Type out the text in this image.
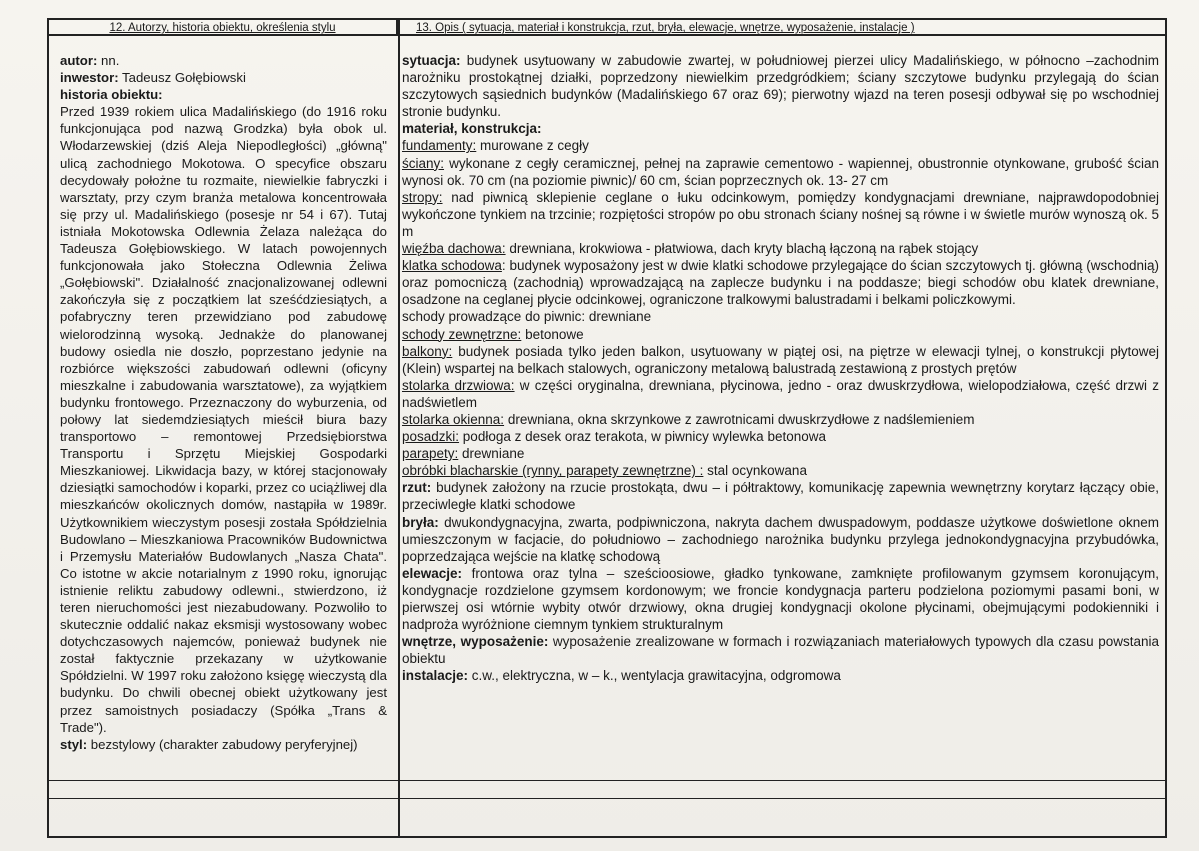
12. Autorzy, historia obiektu, określenia stylu	13. Opis ( sytuacja, materiał i konstrukcja, rzut, bryła, elewacje, wnętrze, wyposażenie, instalacje )

autor: nn.

inwestor: Tadeusz Gołębiowski

historia obiektu:

Przed 1939 rokiem ulica Madalińskiego (do 1916 roku funkcjonująca pod nazwą Grodzka) była obok ul. Włodarzewskiej (dziś Aleja Niepodległości) „główną" ulicą zachodniego Mokotowa. O specyfice obszaru decydowały położne tu rozmaite, niewielkie fabryczki i warsztaty, przy czym branża metalowa koncentrowała się przy ul. Madalińskiego (posesje nr 54 i 67). Tutaj istniała Mokotowska Odlewnia Żelaza należąca do Tadeusza Gołębiowskiego. W latach powojennych funkcjonowała jako Stołeczna Odlewnia Żeliwa „Gołębiowski". Działalność znacjonalizowanej odlewni zakończyła się z początkiem lat sześćdziesiątych, a pofabryczny teren przewidziano pod zabudowę wielorodzinną wysoką. Jednakże do planowanej budowy osiedla nie doszło, poprzestano jedynie na rozbiórce większości zabudowań odlewni (oficyny mieszkalne i zabudowania warsztatowe), za wyjątkiem budynku frontowego. Przeznaczony do wyburzenia, od połowy lat siedemdziesiątych mieścił biura bazy transportowo – remontowej Przedsiębiorstwa Transportu i Sprzętu Miejskiej Gospodarki Mieszkaniowej. Likwidacja bazy, w której stacjonowały dziesiątki samochodów i koparki, przez co uciążliwej dla mieszkańców okolicznych domów, nastąpiła w 1989r. Użytkownikiem wieczystym posesji została Spółdzielnia Budowlano – Mieszkaniowa Pracowników Budownictwa i Przemysłu Materiałów Budowlanych „Nasza Chata". Co istotne w akcie notarialnym z 1990 roku, ignorując istnienie reliktu zabudowy odlewni., stwierdzono, iż teren nieruchomości jest niezabudowany. Pozwoliło to skutecznie oddalić nakaz eksmisji wystosowany wobec dotychczasowych najemców, ponieważ budynek nie został faktycznie przekazany w użytkowanie Spółdzielni. W 1997 roku założono księgę wieczystą dla budynku. Do chwili obecnej obiekt użytkowany jest przez samoistnych posiadaczy (Spółka „Trans & Trade").

styl: bezstylowy (charakter zabudowy peryferyjnej)

sytuacja: budynek usytuowany w zabudowie zwartej, w południowej pierzei ulicy Madalińskiego, w północno –zachodnim narożniku prostokątnej działki, poprzedzony niewielkim przedgródkiem; ściany szczytowe budynku przylegają do ścian szczytowych sąsiednich budynków (Madalińskiego 67 oraz 69); pierwotny wjazd na teren posesji odbywał się po wschodniej stronie budynku.

materiał, konstrukcja:

fundamenty: murowane z cegły

ściany: wykonane z cegły ceramicznej, pełnej na zaprawie cementowo - wapiennej, obustronnie otynkowane, grubość ścian wynosi ok. 70 cm (na poziomie piwnic)/ 60 cm, ścian poprzecznych ok. 13- 27 cm

stropy: nad piwnicą sklepienie ceglane o łuku odcinkowym, pomiędzy kondygnacjami drewniane, najprawdopodobniej wykończone tynkiem na trzcinie; rozpiętości stropów po obu stronach ściany nośnej są równe i w świetle murów wynoszą ok. 5 m

więźba dachowa: drewniana, krokwiowa - płatwiowa, dach kryty blachą łączoną na rąbek stojący

klatka schodowa: budynek wyposażony jest w dwie klatki schodowe przylegające do ścian szczytowych tj. główną (wschodnią) oraz pomocniczą (zachodnią) wprowadzającą na zaplecze budynku i na poddasze; biegi schodów obu klatek drewniane, osadzone na ceglanej płycie odcinkowej, ograniczone tralkowymi balustradami i belkami policzkowymi.

schody prowadzące do piwnic: drewniane

schody zewnętrzne: betonowe

balkony: budynek posiada tylko jeden balkon, usytuowany w piątej osi, na piętrze w elewacji tylnej, o konstrukcji płytowej (Klein) wspartej na belkach stalowych, ograniczony metalową balustradą zestawioną z prostych prętów

stolarka drzwiowa: w części oryginalna, drewniana, płycinowa, jedno - oraz dwuskrzydłowa, wielopodziałowa, część drzwi z nadświetlem

stolarka okienna: drewniana, okna skrzynkowe z zawrotnicami dwuskrzydłowe z nadślemieniem

posadzki: podłoga z desek oraz terakota, w piwnicy wylewka betonowa

parapety: drewniane

obróbki blacharskie (rynny, parapety zewnętrzne) : stal ocynkowana

rzut: budynek założony na rzucie prostokąta, dwu – i półtraktowy, komunikację zapewnia wewnętrzny korytarz łączący obie, przeciwległe klatki schodowe

bryła: dwukondygnacyjna, zwarta, podpiwniczona, nakryta dachem dwuspadowym, poddasze użytkowe doświetlone oknem umieszczonym w facjacie, do południowo – zachodniego narożnika budynku przylega jednokondygnacyjna przybudówka, poprzedzająca wejście na klatkę schodową

elewacje: frontowa oraz tylna – sześcioosiowe, gładko tynkowane, zamknięte profilowanym gzymsem koronującym, kondygnacje rozdzielone gzymsem kordonowym; we froncie kondygnacja parteru podzielona poziomymi pasami boni, w pierwszej osi wtórnie wybity otwór drzwiowy, okna drugiej kondygnacji okolone płycinami, obejmującymi podokienniki i nadproża wyróżnione ciemnym tynkiem strukturalnym

wnętrze, wyposażenie: wyposażenie zrealizowane w formach i rozwiązaniach materiałowych typowych dla czasu powstania obiektu

instalacje: c.w., elektryczna, w – k., wentylacja grawitacyjna, odgromowa
